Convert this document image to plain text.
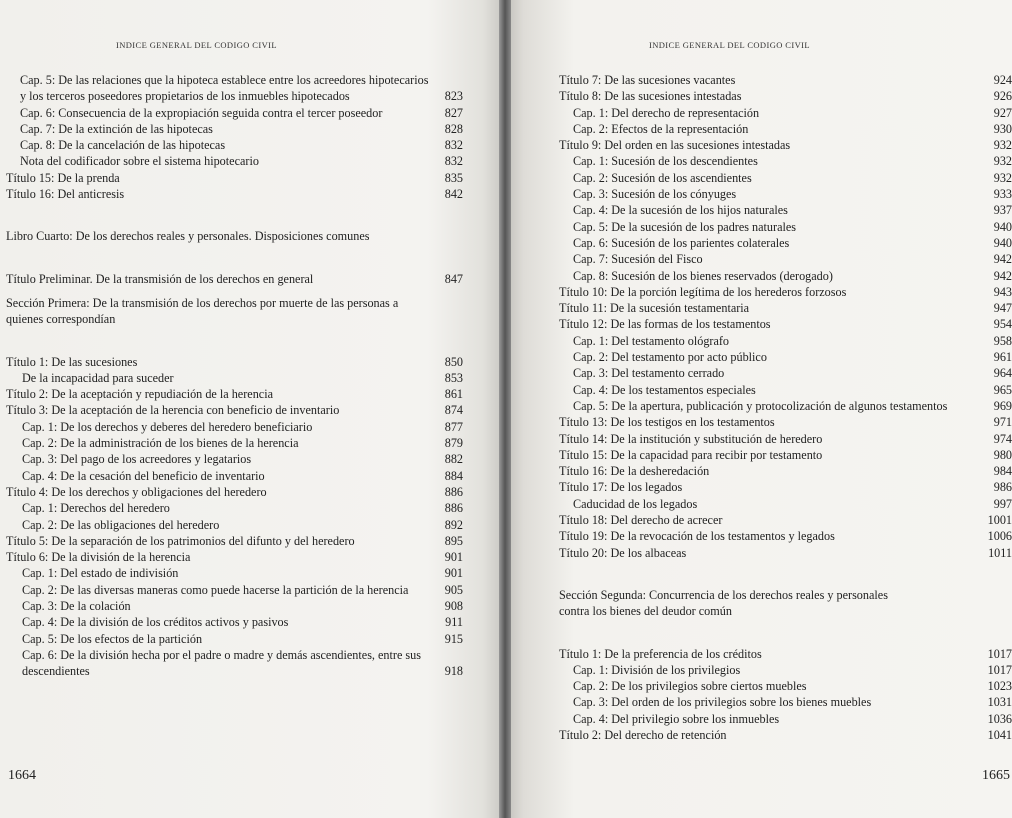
INDICE GENERAL DEL CODIGO CIVIL
Cap. 5: De las relaciones que la hipoteca establece entre los acreedores hipotecarios y los terceros poseedores propietarios de los inmuebles hipotecados	823
Cap. 6: Consecuencia de la expropiación seguida contra el tercer poseedor	827
Cap. 7: De la extinción de las hipotecas	828
Cap. 8: De la cancelación de las hipotecas	832
Nota del codificador sobre el sistema hipotecario	832
Título 15: De la prenda	835
Título 16: Del anticresis	842
Libro Cuarto: De los derechos reales y personales. Disposiciones comunes
Título Preliminar. De la transmisión de los derechos en general	847
Sección Primera: De la transmisión de los derechos por muerte de las personas a quienes correspondían
Título 1: De las sucesiones	850
De la incapacidad para suceder	853
Título 2: De la aceptación y repudiación de la herencia	861
Título 3: De la aceptación de la herencia con beneficio de inventario	874
Cap. 1: De los derechos y deberes del heredero beneficiario	877
Cap. 2: De la administración de los bienes de la herencia	879
Cap. 3: Del pago de los acreedores y legatarios	882
Cap. 4: De la cesación del beneficio de inventario	884
Título 4: De los derechos y obligaciones del heredero	886
Cap. 1: Derechos del heredero	886
Cap. 2: De las obligaciones del heredero	892
Título 5: De la separación de los patrimonios del difunto y del heredero	895
Título 6: De la división de la herencia	901
Cap. 1: Del estado de indivisión	901
Cap. 2: De las diversas maneras como puede hacerse la partición de la herencia	905
Cap. 3: De la colación	908
Cap. 4: De la división de los créditos activos y pasivos	911
Cap. 5: De los efectos de la partición	915
Cap. 6: De la división hecha por el padre o madre y demás ascendientes, entre sus descendientes	918
1664
INDICE GENERAL DEL CODIGO CIVIL
Título 7: De las sucesiones vacantes	924
Título 8: De las sucesiones intestadas	926
Cap. 1: Del derecho de representación	927
Cap. 2: Efectos de la representación	930
Título 9: Del orden en las sucesiones intestadas	932
Cap. 1: Sucesión de los descendientes	932
Cap. 2: Sucesión de los ascendientes	932
Cap. 3: Sucesión de los cónyuges	933
Cap. 4: De la sucesión de los hijos naturales	937
Cap. 5: De la sucesión de los padres naturales	940
Cap. 6: Sucesión de los parientes colaterales	940
Cap. 7: Sucesión del Fisco	942
Cap. 8: Sucesión de los bienes reservados (derogado)	942
Título 10: De la porción legítima de los herederos forzosos	943
Título 11: De la sucesión testamentaria	947
Título 12: De las formas de los testamentos	954
Cap. 1: Del testamento ológrafo	958
Cap. 2: Del testamento por acto público	961
Cap. 3: Del testamento cerrado	964
Cap. 4: De los testamentos especiales	965
Cap. 5: De la apertura, publicación y protocolización de algunos testamentos	969
Título 13: De los testigos en los testamentos	971
Título 14: De la institución y substitución de heredero	974
Título 15: De la capacidad para recibir por testamento	980
Título 16: De la desheredación	984
Título 17: De los legados	986
Caducidad de los legados	997
Título 18: Del derecho de acrecer	1001
Título 19: De la revocación de los testamentos y legados	1006
Título 20: De los albaceas	1011
Sección Segunda: Concurrencia de los derechos reales y personales contra los bienes del deudor común
Título 1: De la preferencia de los créditos	1017
Cap. 1: División de los privilegios	1017
Cap. 2: De los privilegios sobre ciertos muebles	1023
Cap. 3: Del orden de los privilegios sobre los bienes muebles	1031
Cap. 4: Del privilegio sobre los inmuebles	1036
Título 2: Del derecho de retención	1041
1665
